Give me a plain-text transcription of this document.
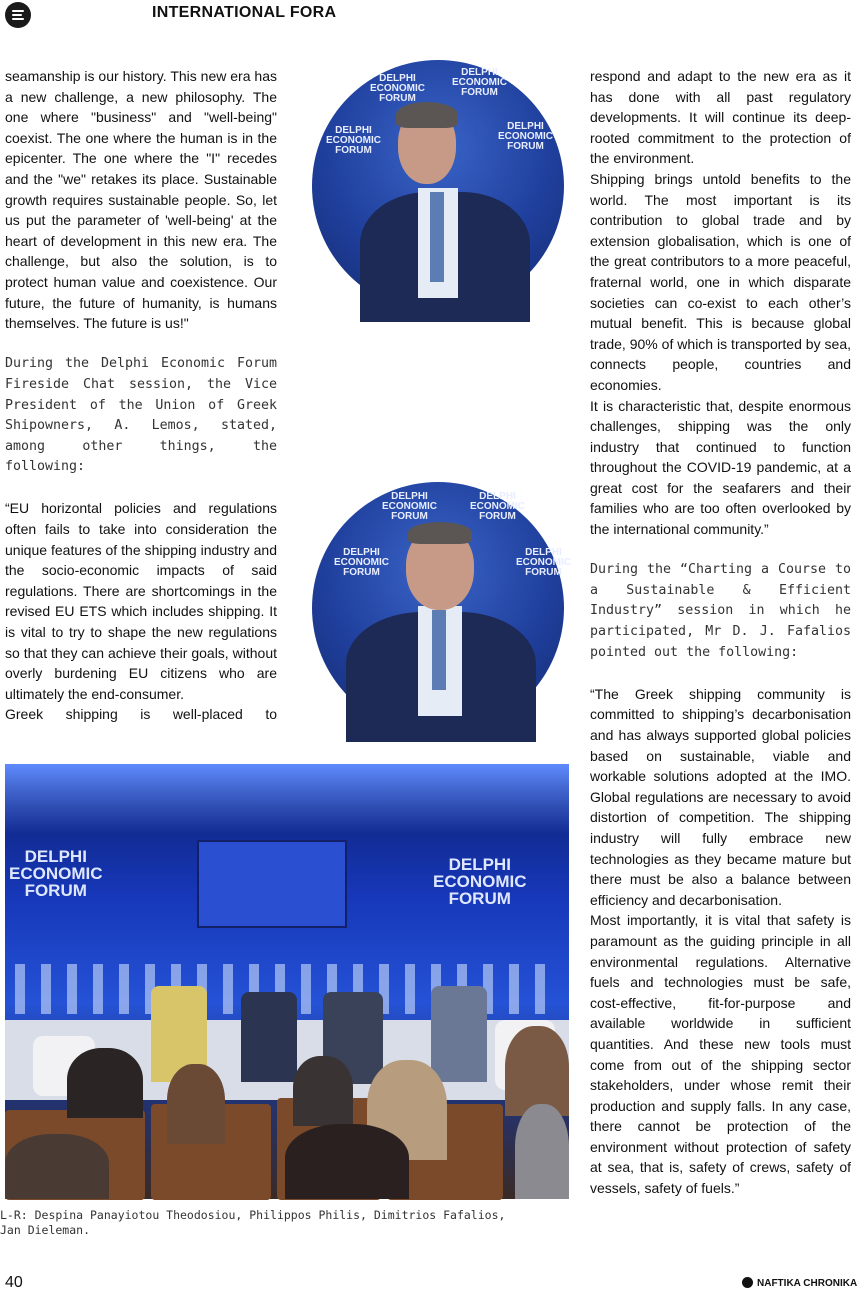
INTERNATIONAL FORA

seamanship is our history. This new era has a new challenge, a new philosophy. The one where "business" and "well-being" coexist. The one where the human is in the epicenter. The one where the "I" recedes and the "we" retakes its place. Sustainable growth requires sustainable people. So, let us put the parameter of 'well-being' at the heart of development in this new era. The challenge, but also the solution, is to protect human value and coexistence. Our future, the future of humanity, is humans themselves. The future is us!"

During the Delphi Economic Forum Fireside Chat session, the Vice President of the Union of Greek Shipowners, A. Lemos, stated, among other things, the following:

“EU horizontal policies and regulations often fails to take into consideration the unique features of the shipping industry and the socio-economic impacts of said regulations. There are shortcomings in the revised EU ETS which includes shipping. It is vital to try to shape the new regulations so that they can achieve their goals, without overly burdening EU citizens who are ultimately the end-consumer.

Greek shipping is well-placed to

DELPHI
ECONOMIC
FORUM
DELPHI
ECONOMIC
FORUM
DELPHI
ECONOMIC
FORUM
DELPHI
ECONOMIC
FORUM
DELPHI
ECONOMIC
FORUM
DELPHI
ECONOMIC
FORUM
DELPHI
ECONOMIC
FORUM
DELPHI
ECONOMIC
FORUM

respond and adapt to the new era as it has done with all past regulatory developments. It will continue its deep-rooted commitment to the protection of the environment.

Shipping brings untold benefits to the world. The most important is its contribution to global trade and by extension globalisation, which is one of the great contributors to a more peaceful, fraternal world, one in which disparate societies can co-exist to each other’s mutual benefit. This is because global trade, 90% of which is transported by sea, connects people, countries and economies.

It is characteristic that, despite enormous challenges, shipping was the only industry that continued to function throughout the COVID-19 pandemic, at a great cost for the seafarers and their families who are too often overlooked by the international community.”

During the “Charting a Course to a Sustainable & Efficient Industry” session in which he participated, Mr D. J. Fafalios pointed out the following:

“The Greek shipping community is committed to shipping’s decarbonisation and has always supported global policies based on sustainable, viable and workable solutions adopted at the IMO. Global regulations are necessary to avoid distortion of competition. The shipping industry will fully embrace new technologies as they became mature but there must be also a balance between efficiency and decarbonisation.

Most importantly, it is vital that safety is paramount as the guiding principle in all environmental regulations. Alternative fuels and technologies must be safe, cost-effective, fit-for-purpose and available worldwide in sufficient quantities. And these new tools must come from out of the shipping sector stakeholders, under whose remit their production and supply falls. In any case, there cannot be protection of the environment without protection of safety at sea, that is, safety of crews, safety of vessels, safety of fuels.”

DELPHI
ECONOMIC
FORUM
DELPHI
ECONOMIC
FORUM

L-R: Despina Panayiotou Theodosiou, Philippos Philis, Dimitrios Fafalios, Jan Dieleman.

40	NAFTIKA CHRONIKA
